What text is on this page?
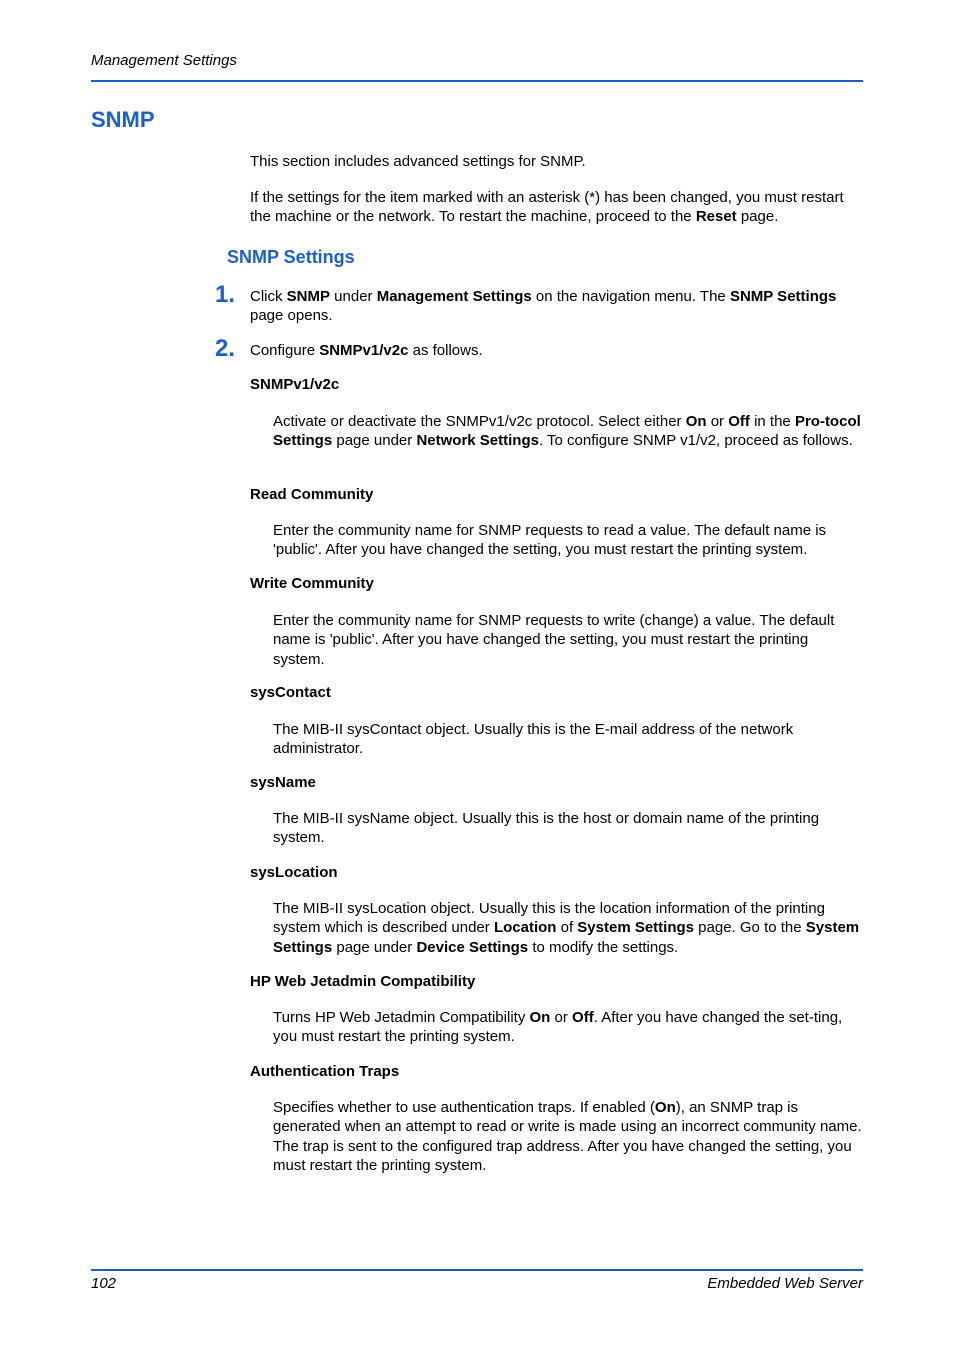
Management Settings
SNMP
This section includes advanced settings for SNMP.
If the settings for the item marked with an asterisk (*) has been changed, you must restart the machine or the network. To restart the machine, proceed to the Reset page.
SNMP Settings
1. Click SNMP under Management Settings on the navigation menu. The SNMP Settings page opens.
2. Configure SNMPv1/v2c as follows.
SNMPv1/v2c
Activate or deactivate the SNMPv1/v2c protocol. Select either On or Off in the Pro-tocol Settings page under Network Settings. To configure SNMP v1/v2, proceed as follows.
Read Community
Enter the community name for SNMP requests to read a value. The default name is 'public'. After you have changed the setting, you must restart the printing system.
Write Community
Enter the community name for SNMP requests to write (change) a value. The default name is 'public'. After you have changed the setting, you must restart the printing system.
sysContact
The MIB-II sysContact object. Usually this is the E-mail address of the network administrator.
sysName
The MIB-II sysName object. Usually this is the host or domain name of the printing system.
sysLocation
The MIB-II sysLocation object. Usually this is the location information of the printing system which is described under Location of System Settings page. Go to the System Settings page under Device Settings to modify the settings.
HP Web Jetadmin Compatibility
Turns HP Web Jetadmin Compatibility On or Off. After you have changed the set-ting, you must restart the printing system.
Authentication Traps
Specifies whether to use authentication traps. If enabled (On), an SNMP trap is generated when an attempt to read or write is made using an incorrect community name. The trap is sent to the configured trap address. After you have changed the setting, you must restart the printing system.
102	Embedded Web Server
